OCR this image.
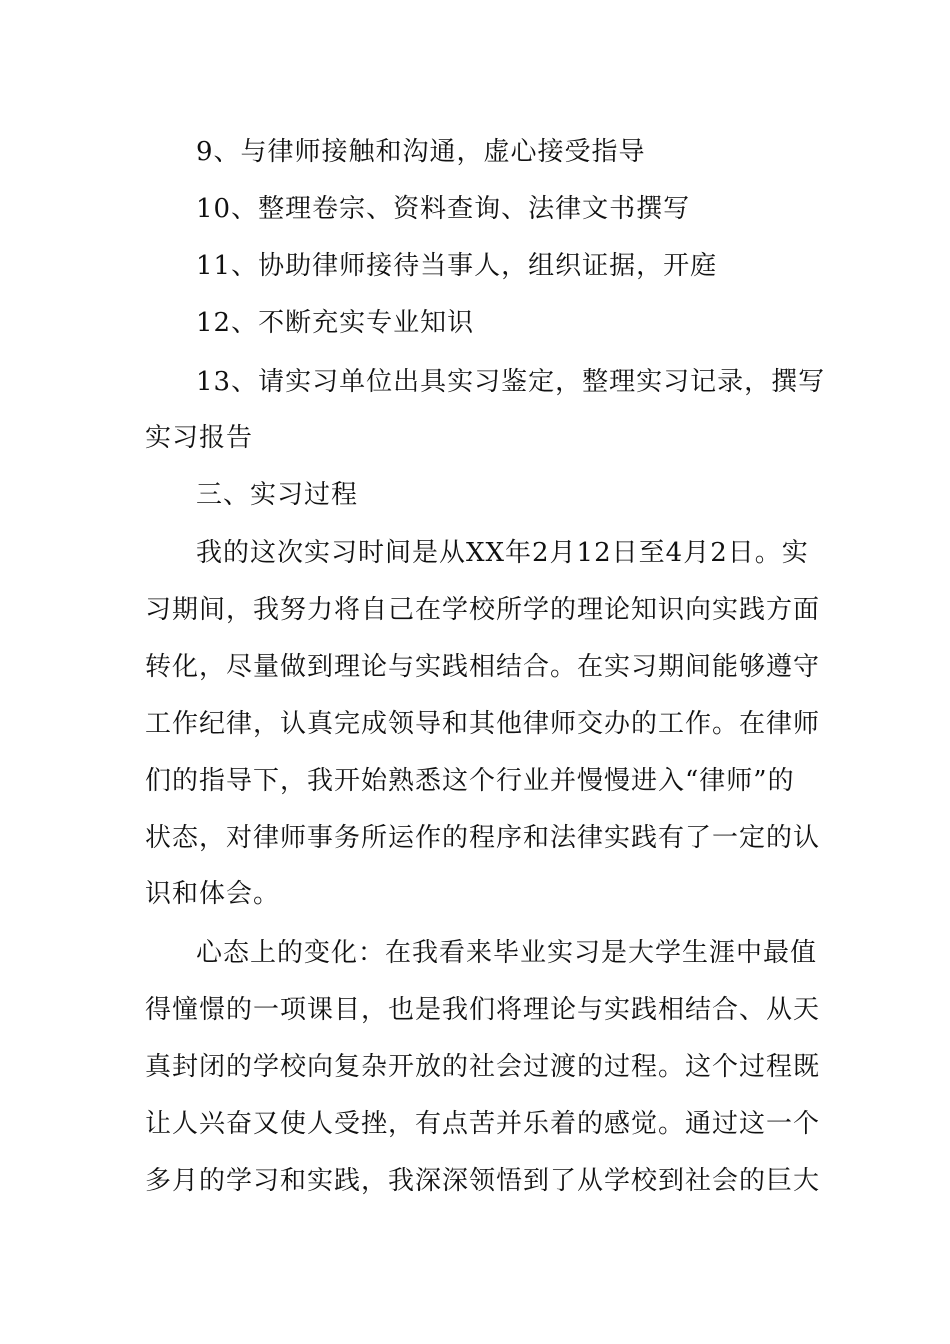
9、与律师接触和沟通，虚心接受指导
10、整理卷宗、资料查询、法律文书撰写
11、协助律师接待当事人，组织证据，开庭
12、不断充实专业知识
13、请实习单位出具实习鉴定，整理实习记录，撰写
实习报告
三、实习过程
我的这次实习时间是从XX年2月12日至4月2日。实
习期间，我努力将自己在学校所学的理论知识向实践方面
转化，尽量做到理论与实践相结合。在实习期间能够遵守
工作纪律，认真完成领导和其他律师交办的工作。在律师
们的指导下，我开始熟悉这个行业并慢慢进入“律师”的
状态，对律师事务所运作的程序和法律实践有了一定的认
识和体会。
心态上的变化：在我看来毕业实习是大学生涯中最值
得憧憬的一项课目，也是我们将理论与实践相结合、从天
真封闭的学校向复杂开放的社会过渡的过程。这个过程既
让人兴奋又使人受挫，有点苦并乐着的感觉。通过这一个
多月的学习和实践，我深深领悟到了从学校到社会的巨大
